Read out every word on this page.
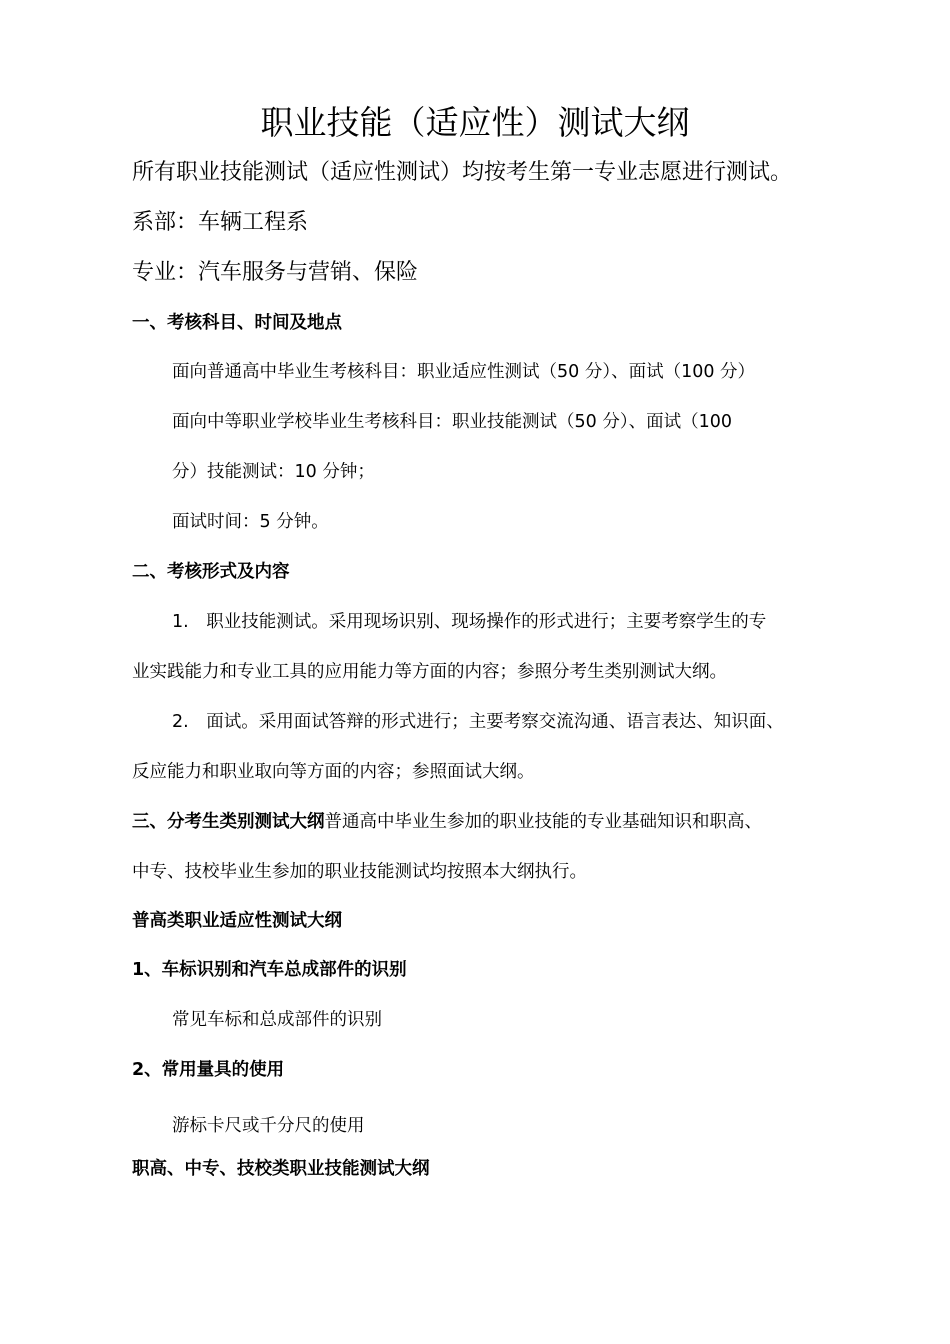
职业技能（适应性）测试大纲
所有职业技能测试（适应性测试）均按考生第一专业志愿进行测试。
系部：车辆工程系
专业：汽车服务与营销、保险
一、考核科目、时间及地点
面向普通高中毕业生考核科目：职业适应性测试（50 分）、面试（100 分）
面向中等职业学校毕业生考核科目：职业技能测试（50 分）、面试（100
分）技能测试：10 分钟；
面试时间：5 分钟。
二、考核形式及内容
1.　职业技能测试。采用现场识别、现场操作的形式进行；主要考察学生的专
业实践能力和专业工具的应用能力等方面的内容；参照分考生类别测试大纲。
2.　面试。采用面试答辩的形式进行；主要考察交流沟通、语言表达、知识面、
反应能力和职业取向等方面的内容；参照面试大纲。
三、分考生类别测试大纲普通高中毕业生参加的职业技能的专业基础知识和职高、
中专、技校毕业生参加的职业技能测试均按照本大纲执行。
普高类职业适应性测试大纲
1、车标识别和汽车总成部件的识别
常见车标和总成部件的识别
2、常用量具的使用
游标卡尺或千分尺的使用
职高、中专、技校类职业技能测试大纲
